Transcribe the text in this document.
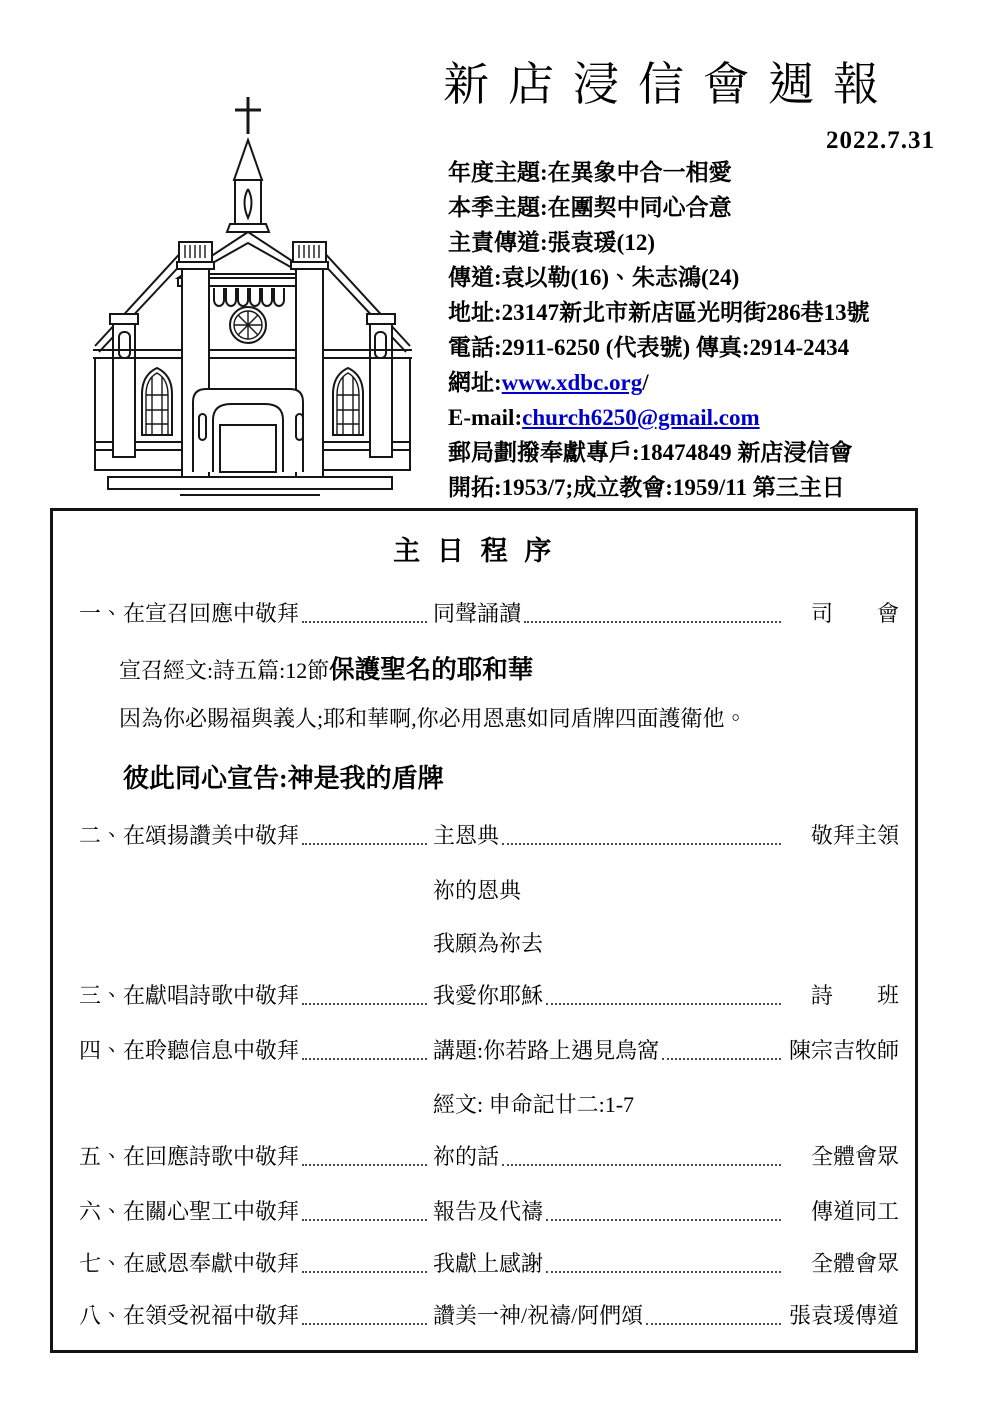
新店浸信會週報
2022.7.31
年度主題:在異象中合一相愛
本季主題:在團契中同心合意
主責傳道:張袁瑗(12)
傳道:袁以勒(16)、朱志鴻(24)
地址:23147新北市新店區光明街286巷13號
電話:2911-6250 (代表號) 傳真:2914-2434
網址:www.xdbc.org/
E-mail:church6250@gmail.com
郵局劃撥奉獻專戶:18474849 新店浸信會
開拓:1953/7;成立教會:1959/11 第三主日
主日程序
一、在宣召回應中敬拜	同聲誦讀	司　　會
宣召經文:詩五篇:12節保護聖名的耶和華
因為你必賜福與義人;耶和華啊,你必用恩惠如同盾牌四面護衛他。
彼此同心宣告:神是我的盾牌
二、在頌揚讚美中敬拜	主恩典	敬拜主領
祢的恩典
我願為祢去
三、在獻唱詩歌中敬拜	我愛你耶穌	詩　　班
四、在聆聽信息中敬拜	講題:你若路上遇見鳥窩	陳宗吉牧師
經文: 申命記廿二:1-7
五、在回應詩歌中敬拜	祢的話	全體會眾
六、在關心聖工中敬拜	報告及代禱	傳道同工
七、在感恩奉獻中敬拜	我獻上感謝	全體會眾
八、在領受祝福中敬拜	讚美一神/祝禱/阿們頌	張袁瑗傳道
